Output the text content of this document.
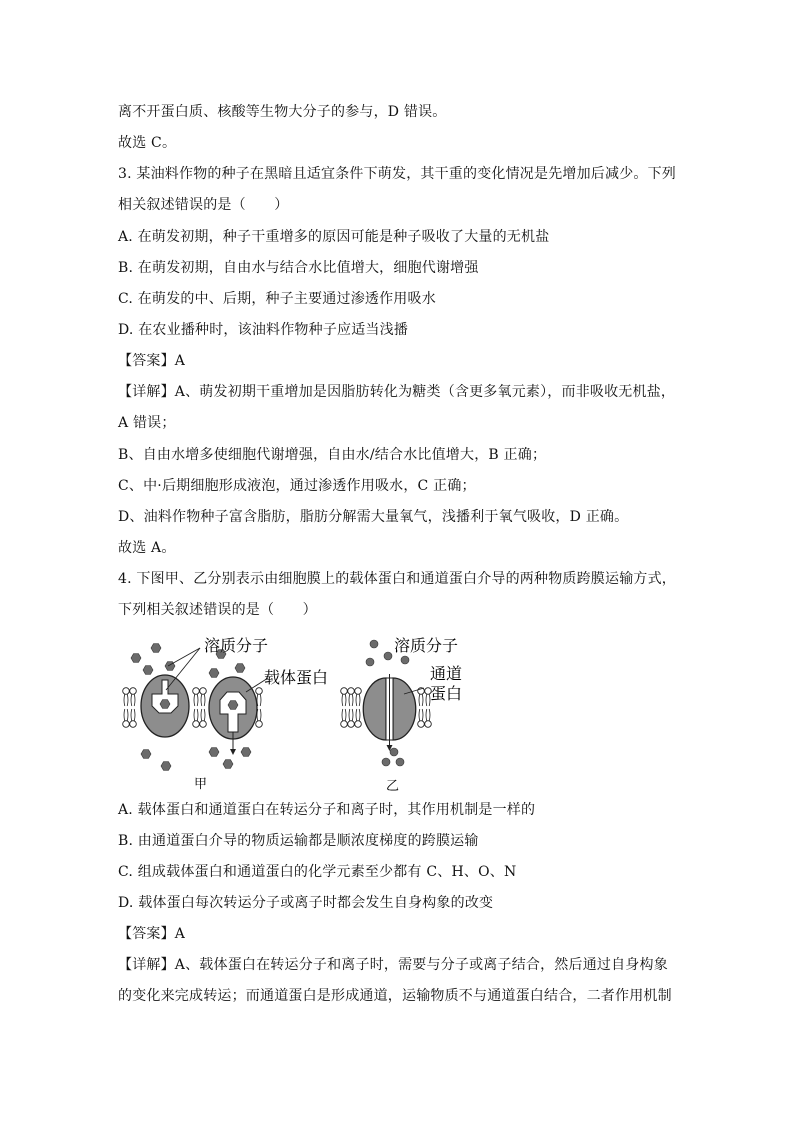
离不开蛋白质、核酸等生物大分子的参与，D 错误。
故选 C。
3. 某油料作物的种子在黑暗且适宜条件下萌发，其干重的变化情况是先增加后减少。下列
相关叙述错误的是（　　）
A. 在萌发初期，种子干重增多的原因可能是种子吸收了大量的无机盐
B. 在萌发初期，自由水与结合水比值增大，细胞代谢增强
C. 在萌发的中、后期，种子主要通过渗透作用吸水
D. 在农业播种时，该油料作物种子应适当浅播
【答案】A
【详解】A、萌发初期干重增加是因脂肪转化为糖类（含更多氧元素），而非吸收无机盐，
A 错误；
B、自由水增多使细胞代谢增强，自由水/结合水比值增大，B 正确；
C、中·后期细胞形成液泡，通过渗透作用吸水，C 正确；
D、油料作物种子富含脂肪，脂肪分解需大量氧气，浅播利于氧气吸收，D 正确。
故选 A。
4. 下图甲、乙分别表示由细胞膜上的载体蛋白和通道蛋白介导的两种物质跨膜运输方式，
下列相关叙述错误的是（　　）
溶质分子
载体蛋白
甲
溶质分子
通道
蛋白
乙
A. 载体蛋白和通道蛋白在转运分子和离子时，其作用机制是一样的
B. 由通道蛋白介导的物质运输都是顺浓度梯度的跨膜运输
C. 组成载体蛋白和通道蛋白的化学元素至少都有 C、H、O、N
D. 载体蛋白每次转运分子或离子时都会发生自身构象的改变
【答案】A
【详解】A、载体蛋白在转运分子和离子时，需要与分子或离子结合，然后通过自身构象
的变化来完成转运；而通道蛋白是形成通道，运输物质不与通道蛋白结合，二者作用机制
